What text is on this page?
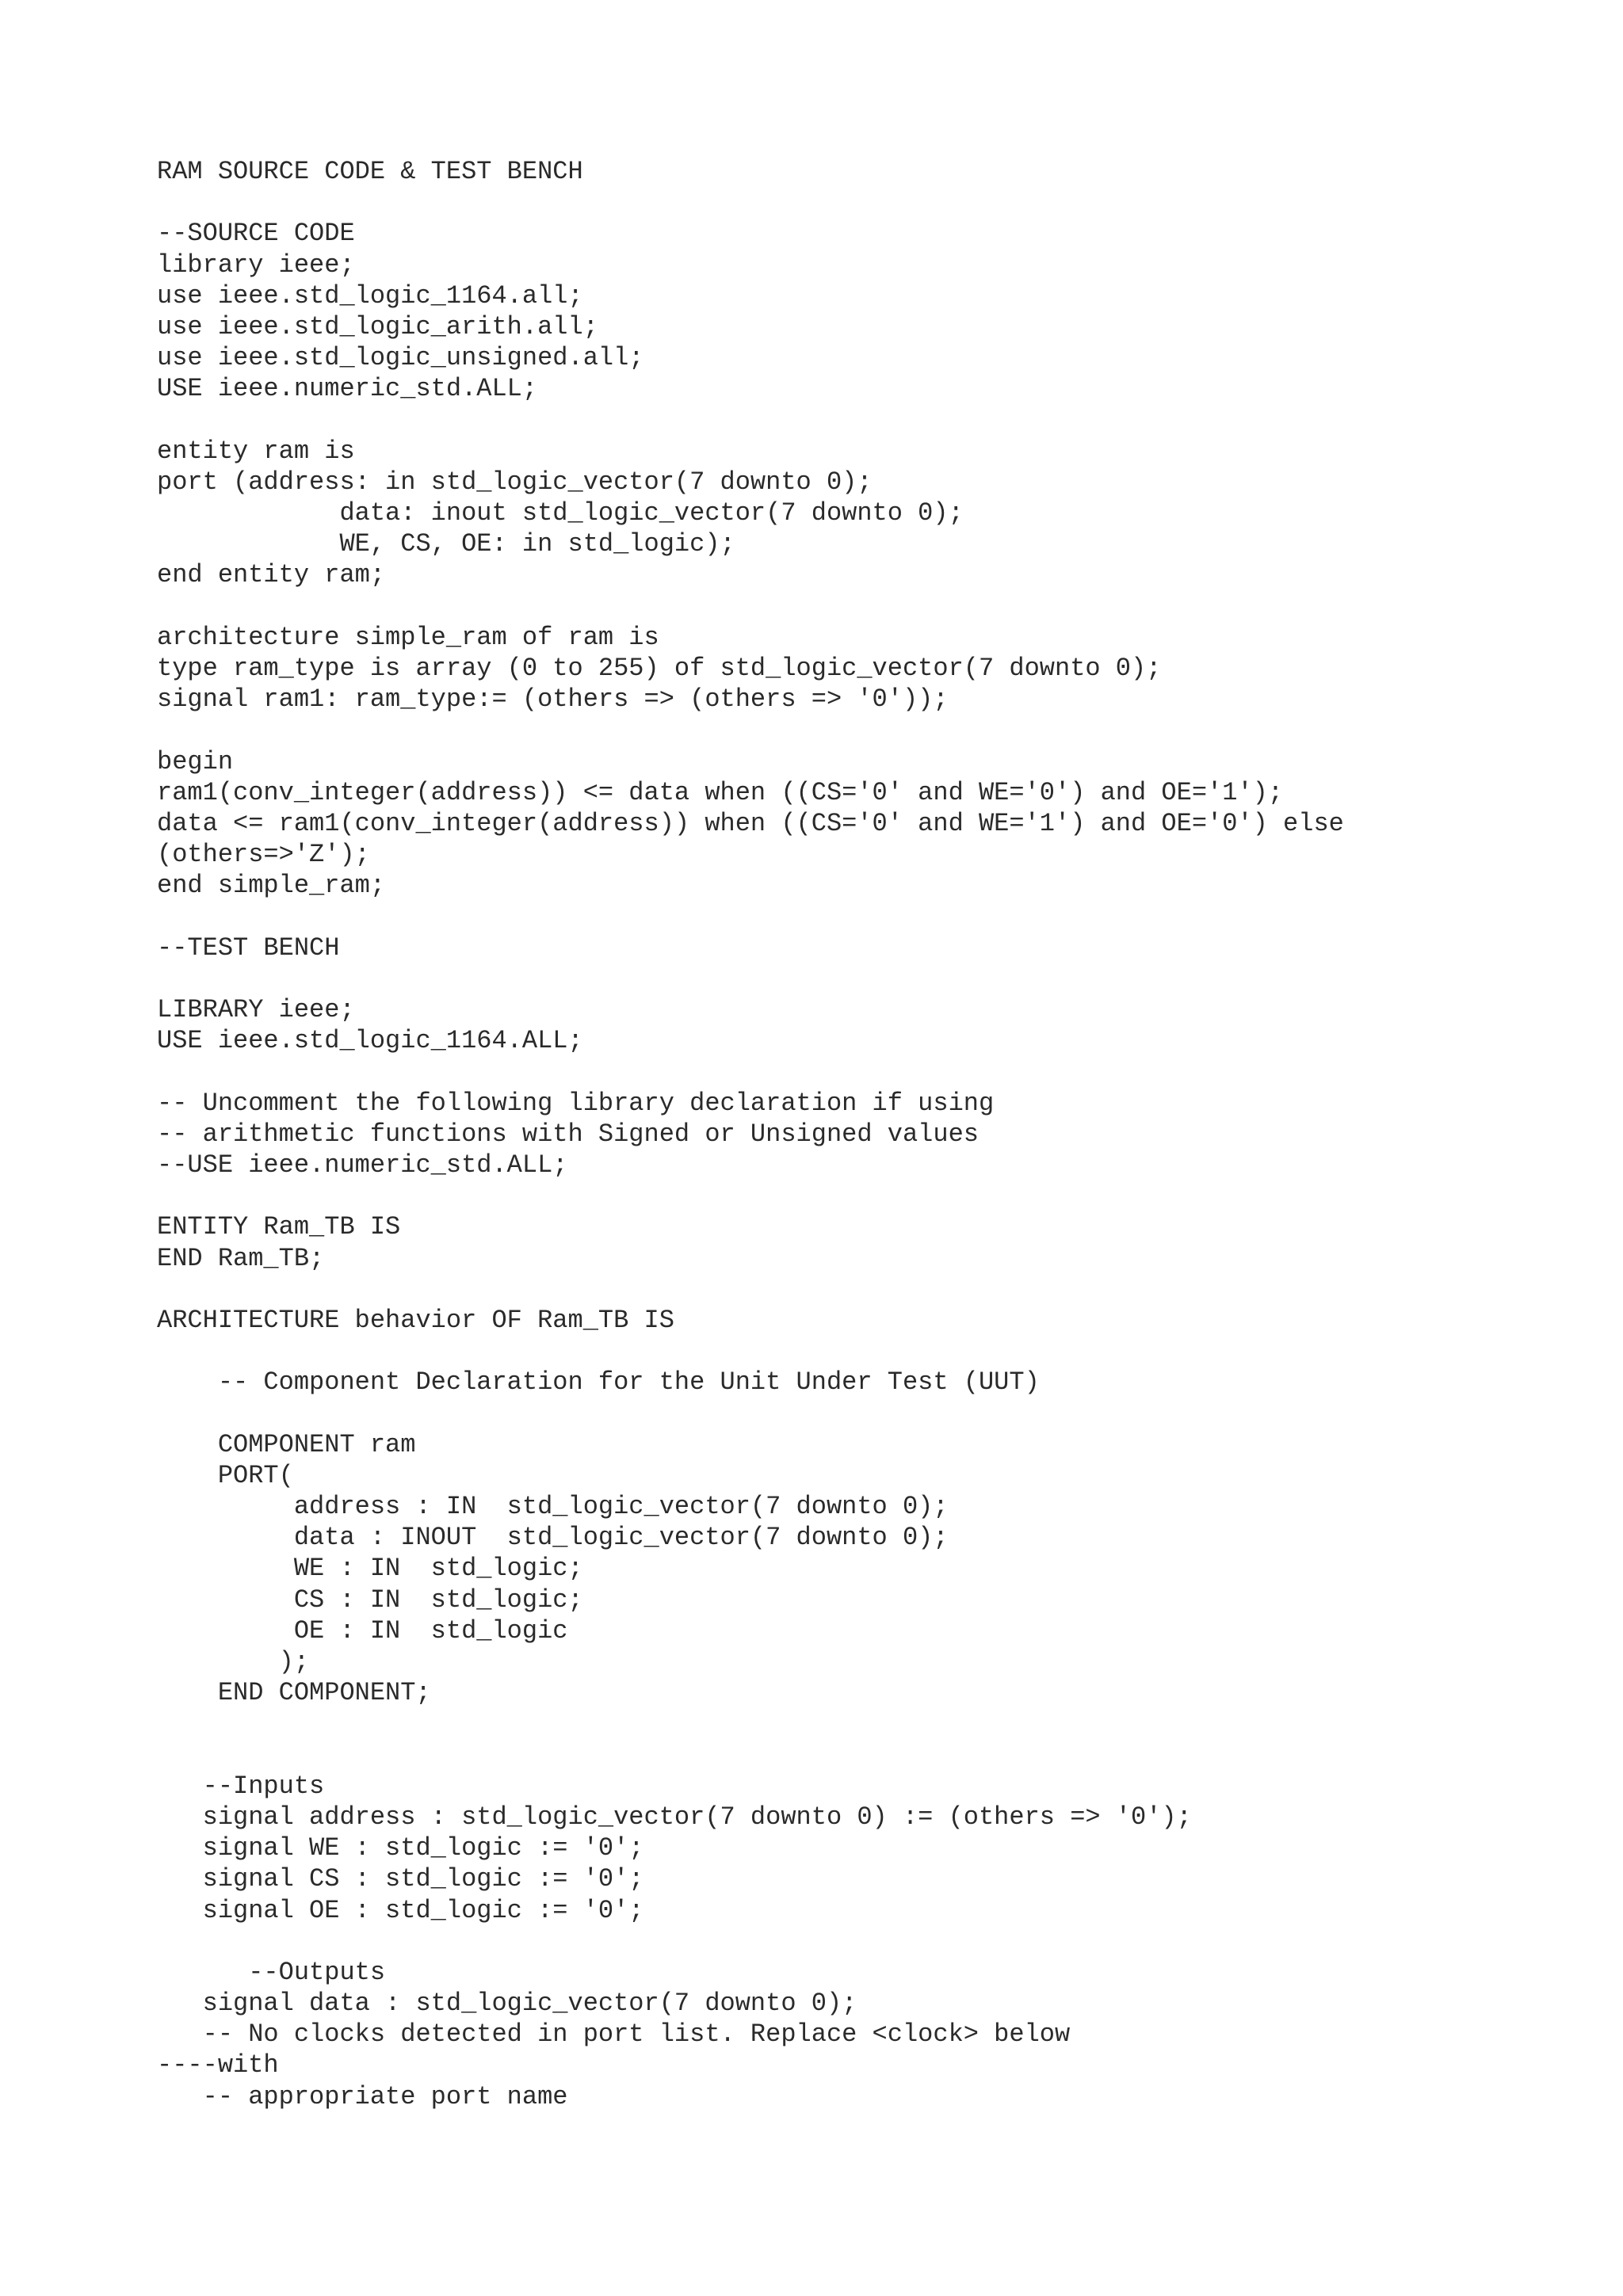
RAM SOURCE CODE & TEST BENCH
--SOURCE CODE
library ieee;
use ieee.std_logic_1164.all;
use ieee.std_logic_arith.all;
use ieee.std_logic_unsigned.all;
USE ieee.numeric_std.ALL;
entity ram is
port (address: in std_logic_vector(7 downto 0);
data: inout std_logic_vector(7 downto 0);
WE, CS, OE: in std_logic);
end entity ram;
architecture simple_ram of ram is
type ram_type is array (0 to 255) of std_logic_vector(7 downto 0);
signal ram1: ram_type:= (others => (others => '0'));
begin
ram1(conv_integer(address)) <= data when ((CS='0' and WE='0') and OE='1');
data <= ram1(conv_integer(address)) when ((CS='0' and WE='1') and OE='0') else
(others=>'Z');
end simple_ram;
--TEST BENCH
LIBRARY ieee;
USE ieee.std_logic_1164.ALL;
-- Uncomment the following library declaration if using
-- arithmetic functions with Signed or Unsigned values
--USE ieee.numeric_std.ALL;
ENTITY Ram_TB IS
END Ram_TB;
ARCHITECTURE behavior OF Ram_TB IS
-- Component Declaration for the Unit Under Test (UUT)
COMPONENT ram
PORT(
address : IN  std_logic_vector(7 downto 0);
data : INOUT  std_logic_vector(7 downto 0);
WE : IN  std_logic;
CS : IN  std_logic;
OE : IN  std_logic
);
END COMPONENT;
--Inputs
signal address : std_logic_vector(7 downto 0) := (others => '0');
signal WE : std_logic := '0';
signal CS : std_logic := '0';
signal OE : std_logic := '0';
--Outputs
signal data : std_logic_vector(7 downto 0);
-- No clocks detected in port list. Replace <clock> below
----with
-- appropriate port name
